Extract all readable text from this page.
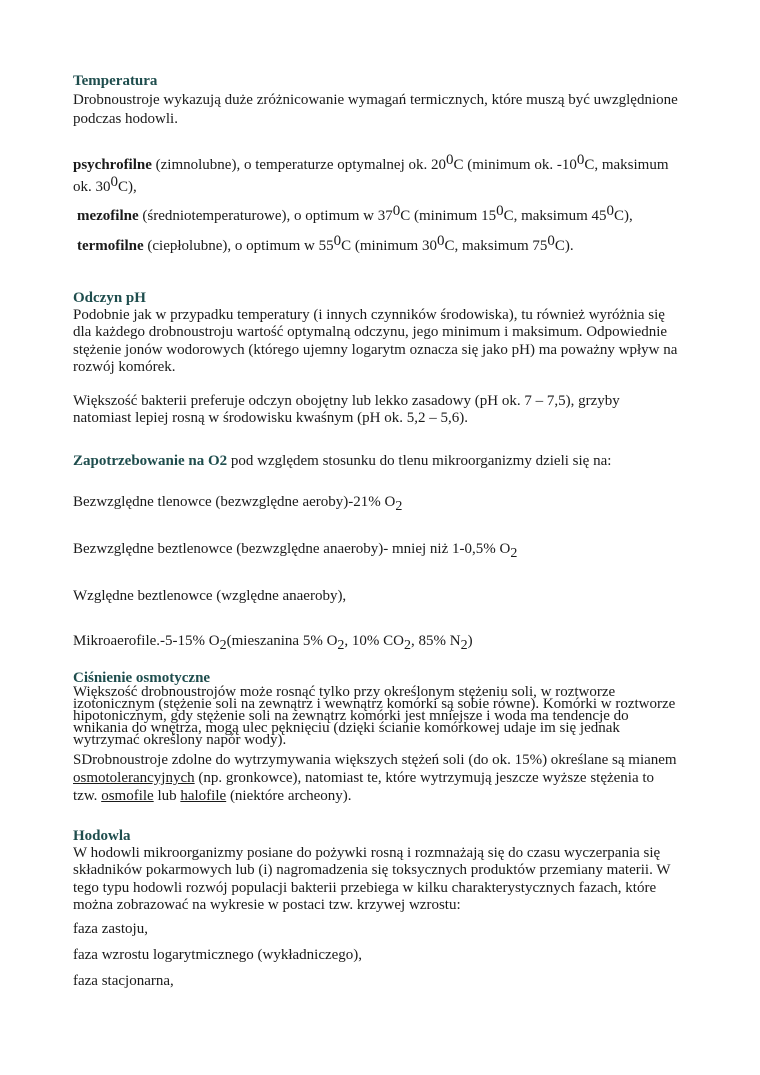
Temperatura
Drobnoustroje wykazują duże zróżnicowanie wymagań termicznych, które muszą być uwzględnione
podczas hodowli.
psychrofilne (zimnolubne), o temperaturze optymalnej ok. $20^0C$ (minimum ok. $-10^0C$, maksimum
ok. $30^0C$),
mezofilne (średniotemperaturowe), o optimum w $37^0C$ (minimum $15^0C$, maksimum $45^0C$),
termofilne (ciepłolubne), o optimum w $55^0C$ (minimum $30^0C$, maksimum $75^0C$).
Odczyn pH
Podobnie jak w przypadku temperatury (i innych czynników środowiska), tu również wyróżnia się
dla każdego drobnoustroju wartość optymalną odczynu, jego minimum i maksimum. Odpowiednie
stężenie jonów wodorowych (którego ujemny logarytm oznacza się jako pH) ma poważny wpływ na
rozwój komórek.
Większość bakterii preferuje odczyn obojętny lub lekko zasadowy (pH ok. 7 – 7,5), grzyby
natomiast lepiej rosną w środowisku kwaśnym (pH ok. 5,2 – 5,6).
Zapotrzebowanie na O2 pod względem stosunku do tlenu mikroorganizmy dzieli się na:
Bezwzględne tlenowce (bezwzględne aeroby)-21% $O_2$
Bezwzględne beztlenowce (bezwzględne anaeroby)- mniej niż 1-0,5% $O_2$
Względne beztlenowce (względne anaeroby),
Mikroaerofile.-5-15% $O_2(mieszanina$ 5% $O_2$, 10% $CO_2$, 85% $N_2$)
Ciśnienie osmotyczne
Większość drobnoustrojów może rosnąć tylko przy określonym stężeniu soli, w roztworze
izotonicznym (stężenie soli na zewnątrz i wewnątrz komórki są sobie równe). Komórki w roztworze
hipotonicznym, gdy stężenie soli na zewnątrz komórki jest mniejsze i woda ma tendencje do
wnikania do wnętrza, mogą ulec pęknięciu (dzięki ścianie komórkowej udaje im się jednak
wytrzymać określony napór wody).
SDrobnoustroje zdolne do wytrzymywania większych stężeń soli (do ok. 15%) określane są mianem
osmotolerancyjnych (np. gronkowce), natomiast te, które wytrzymują jeszcze wyższe stężenia to
tzw. osmofile lub halofile (niektóre archeony).
Hodowla
W hodowli mikroorganizmy posiane do pożywki rosną i rozmnażają się do czasu wyczerpania się
składników pokarmowych lub (i) nagromadzenia się toksycznych produktów przemiany materii. W
tego typu hodowli rozwój populacji bakterii przebiega w kilku charakterystycznych fazach, które
można zobrazować na wykresie w postaci tzw. krzywej wzrostu:
faza zastoju,
faza wzrostu logarytmicznego (wykładniczego),
faza stacjonarna,
